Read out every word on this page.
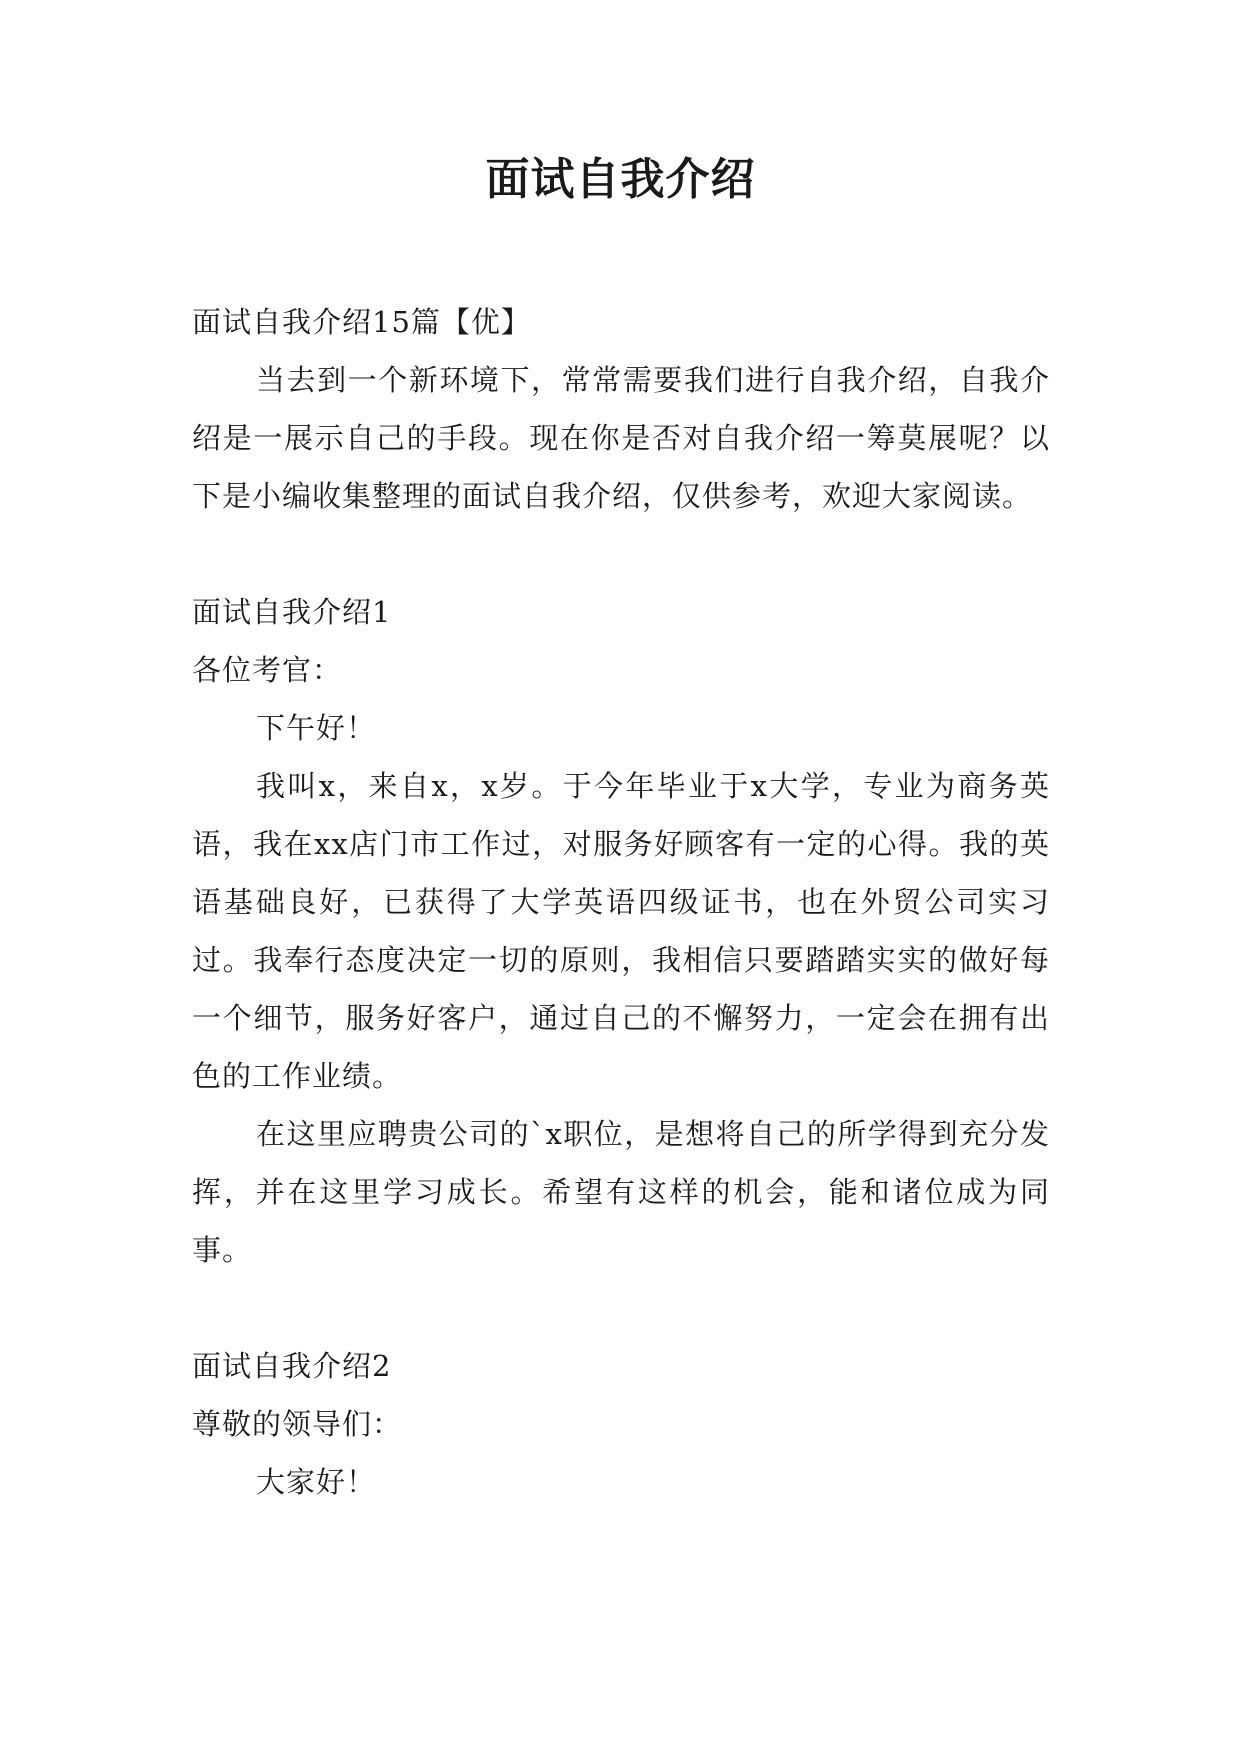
面试自我介绍

面试自我介绍15篇【优】

当去到一个新环境下，常常需要我们进行自我介绍，自我介绍是一展示自己的手段。现在你是否对自我介绍一筹莫展呢？以下是小编收集整理的面试自我介绍，仅供参考，欢迎大家阅读。

面试自我介绍1

各位考官：

下午好！

我叫x，来自x，x岁。于今年毕业于x大学，专业为商务英语，我在xx店门市工作过，对服务好顾客有一定的心得。我的英语基础良好，已获得了大学英语四级证书，也在外贸公司实习过。我奉行态度决定一切的原则，我相信只要踏踏实实的做好每一个细节，服务好客户，通过自己的不懈努力，一定会在拥有出色的工作业绩。

在这里应聘贵公司的`x职位，是想将自己的所学得到充分发挥，并在这里学习成长。希望有这样的机会，能和诸位成为同事。

面试自我介绍2

尊敬的领导们：

大家好！
